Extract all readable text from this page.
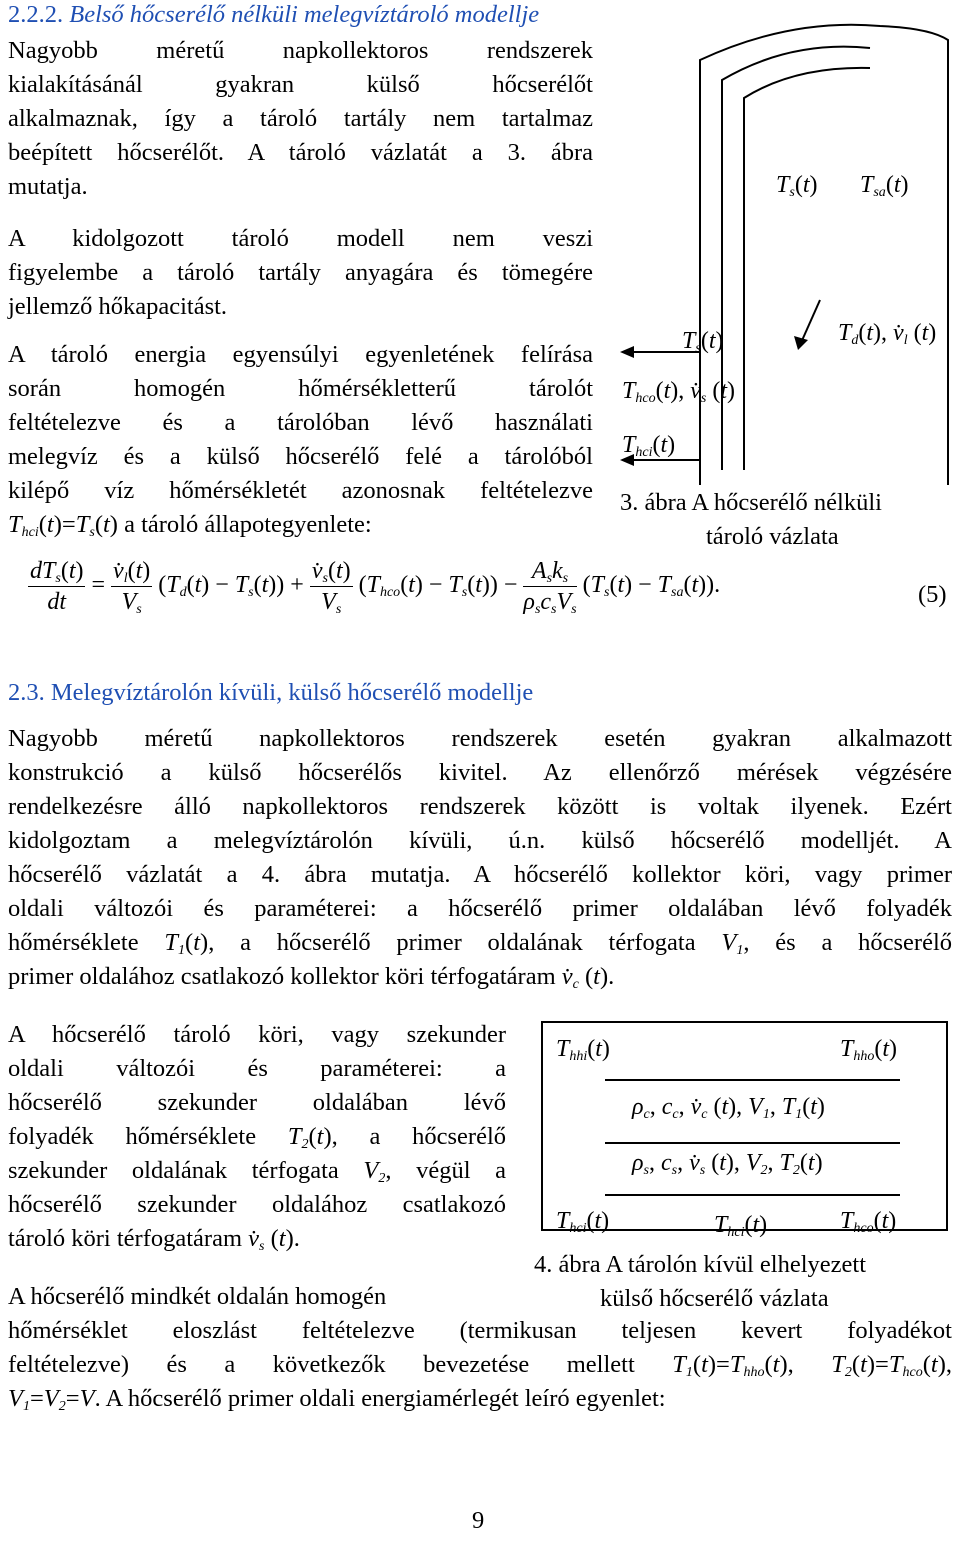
2.2.2. Belső hőcserélő nélküli melegvíztároló modellje
Nagyobb méretű napkollektoros rendszerek
kialakításánál gyakran külső hőcserélőt
alkalmaznak, így a tároló tartály nem tartalmaz
beépített hőcserélőt. A tároló vázlatát a 3. ábra
mutatja.
A kidolgozott tároló modell nem veszi
figyelembe a tároló tartály anyagára és tömegére
jellemző hőkapacitást.
A tároló energia egyensúlyi egyenletének felírása
során homogén hőmérsékletterű tárolót
feltételezve és a tárolóban lévő használati
melegvíz és a külső hőcserélő felé a tárolóból
kilépő víz hőmérsékletét azonosnak feltételezve
$T_{hci}(t)=T_s(t)$ a tároló állapotegyenlete:
$T_s(t)$ $T_{sa}(t)$
$T_d(t)$, $v̇_l$ (t)
$T_s(t)$
$T_{hco}(t)$, $v̇_s$ (t)
$T_{hci}(t)$
3. ábra A hőcserélő nélküli
tároló vázlata
$\frac{dT_s(t)}{dt} = \frac{v̇_l(t)}{V_s} (T_d(t) - T_s(t)) + \frac{v̇_s(t)}{V_s} (T_{hco}(t) - T_s(t)) - \frac{A_sk_s}{\rho_sc_sV_s} (T_s(t) - T_{sa}(t))$.	(5)
2.3. Melegvíztárolón kívüli, külső hőcserélő modellje
Nagyobb méretű napkollektoros rendszerek esetén gyakran alkalmazott
konstrukció a külső hőcserélős kivitel. Az ellenőrző mérések végzésére
rendelkezésre álló napkollektoros rendszerek között is voltak ilyenek. Ezért
kidolgoztam a melegvíztárolón kívüli, ú.n. külső hőcserélő modelljét. A
hőcserélő vázlatát a 4. ábra mutatja. A hőcserélő kollektor köri, vagy primer
oldali változói és paraméterei: a hőcserélő primer oldalában lévő folyadék
hőmérséklete $T_1(t)$, a hőcserélő primer oldalának térfogata $V_1$, és a hőcserélő
primer oldalához csatlakozó kollektor köri térfogatáram $v̇_c$ (t).
A hőcserélő tároló köri, vagy szekunder
oldali változói és paraméterei: a
hőcserélő szekunder oldalában lévő
folyadék hőmérséklete $T_2(t)$, a hőcserélő
szekunder oldalának térfogata $V_2$, végül a
hőcserélő szekunder oldalához csatlakozó
tároló köri térfogatáram $v̇_s$ (t).
$T_{hhi}(t)$	$T_{hho}(t)$
$\rho_c$, $c_c$, $v̇_c$ (t), $V_1$, $T_1(t)$
$\rho_s$, $c_s$, $v̇_s$ (t), $V_2$, $T_2(t)$
$T_{hci}(t)$	$T_{hci}(t)$	$T_{hco}(t)$
4. ábra A tárolón kívül elhelyezett
külső hőcserélő vázlata
A hőcserélő mindkét oldalán homogén
hőmérséklet eloszlást feltételezve (termikusan teljesen kevert folyadékot
feltételezve) és a következők bevezetése mellett $T_1(t)=T_{hho}(t)$, $T_2(t)=T_{hco}(t)$,
$V_1=V_2=V$. A hőcserélő primer oldali energiamérlegét leíró egyenlet:
9
